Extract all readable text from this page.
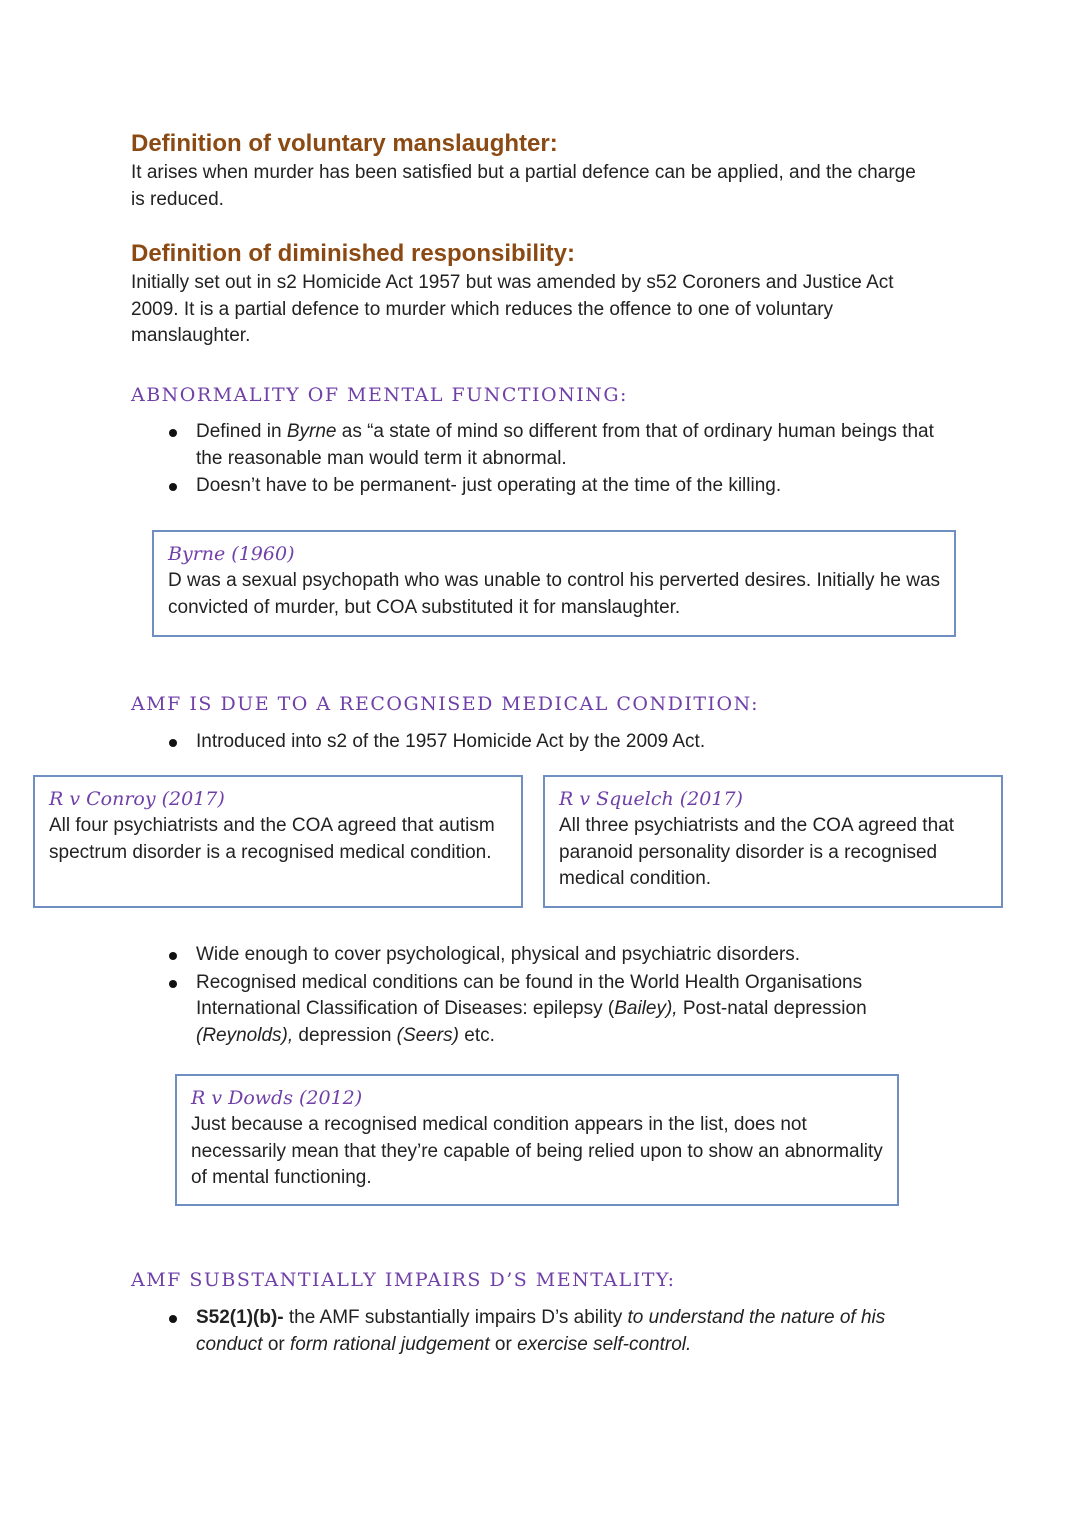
Definition of voluntary manslaughter:

It arises when murder has been satisfied but a partial defence can be applied, and the charge is reduced.

Definition of diminished responsibility:

Initially set out in s2 Homicide Act 1957 but was amended by s52 Coroners and Justice Act 2009. It is a partial defence to murder which reduces the offence to one of voluntary manslaughter.

ABNORMALITY OF MENTAL FUNCTIONING:
Defined in Byrne as “a state of mind so different from that of ordinary human beings that the reasonable man would term it abnormal.
Doesn’t have to be permanent- just operating at the time of the killing.

Byrne (1960)

D was a sexual psychopath who was unable to control his perverted desires. Initially he was convicted of murder, but COA substituted it for manslaughter.

AMF IS DUE TO A RECOGNISED MEDICAL CONDITION:
Introduced into s2 of the 1957 Homicide Act by the 2009 Act.

R v Conroy (2017)

All four psychiatrists and the COA agreed that autism spectrum disorder is a recognised medical condition.

R v Squelch (2017)

All three psychiatrists and the COA agreed that paranoid personality disorder is a recognised medical condition.

Wide enough to cover psychological, physical and psychiatric disorders.
Recognised medical conditions can be found in the World Health Organisations International Classification of Diseases: epilepsy (Bailey), Post-natal depression (Reynolds), depression (Seers) etc.

R v Dowds (2012)

Just because a recognised medical condition appears in the list, does not necessarily mean that they’re capable of being relied upon to show an abnormality of mental functioning.

AMF SUBSTANTIALLY IMPAIRS D’S MENTALITY:
S52(1)(b)- the AMF substantially impairs D’s ability to understand the nature of his conduct or form rational judgement or exercise self-control.
